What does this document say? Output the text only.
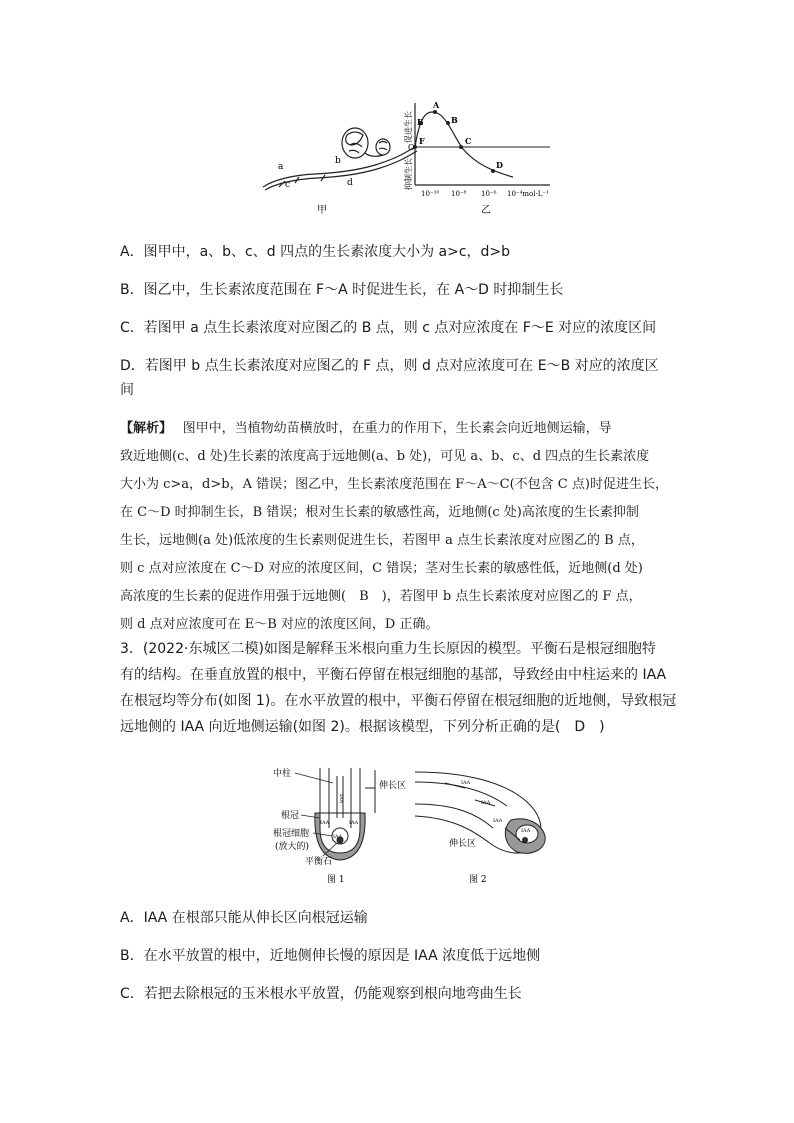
a
b
c	d
甲
促进生长
抑制生长
O
A
B
C
D
E
F
10⁻¹⁰ 10⁻⁸ 10⁻⁶ 10⁻⁴mol·L⁻¹
乙
A．图甲中，a、b、c、d 四点的生长素浓度大小为 a>c，d>b
B．图乙中，生长素浓度范围在 F～A 时促进生长，在 A～D 时抑制生长
C．若图甲 a 点生长素浓度对应图乙的 B 点，则 c 点对应浓度在 F～E 对应的浓度区间
D．若图甲 b 点生长素浓度对应图乙的 F 点，则 d 点对应浓度可在 E～B 对应的浓度区
间
【解析】　 图甲中，当植物幼苗横放时，在重力的作用下，生长素会向近地侧运输，导
致近地侧(c、d 处)生长素的浓度高于远地侧(a、b 处)，可见 a、b、c、d 四点的生长素浓度
大小为 c>a，d>b，A 错误；图乙中，生长素浓度范围在 F～A～C(不包含 C 点)时促进生长，
在 C～D 时抑制生长，B 错误；根对生长素的敏感性高，近地侧(c 处)高浓度的生长素抑制
生长，远地侧(a 处)低浓度的生长素则促进生长，若图甲 a 点生长素浓度对应图乙的 B 点，
则 c 点对应浓度在 C～D 对应的浓度区间，C 错误；茎对生长素的敏感性低，近地侧(d 处)
高浓度的生长素的促进作用强于远地侧(　B　)，若图甲 b 点生长素浓度对应图乙的 F 点，
则 d 点对应浓度可在 E～B 对应的浓度区间，D 正确。
3．(2022·东城区二模)如图是解释玉米根向重力生长原因的模型。平衡石是根冠细胞特
有的结构。在垂直放置的根中，平衡石停留在根冠细胞的基部，导致经由中柱运来的 IAA
在根冠均等分布(如图 1)。在水平放置的根中，平衡石停留在根冠细胞的近地侧，导致根冠
远地侧的 IAA 向近地侧运输(如图 2)。根据该模型，下列分析正确的是(　D　)
中柱
伸长区
根冠
根冠细胞
(放大的)
平衡石
IAA
IAA	IAA
IAA
图 1
IAA
IAA
IAA
IAA
伸长区
图 2
A．IAA 在根部只能从伸长区向根冠运输
B．在水平放置的根中，近地侧伸长慢的原因是 IAA 浓度低于远地侧
C．若把去除根冠的玉米根水平放置，仍能观察到根向地弯曲生长
